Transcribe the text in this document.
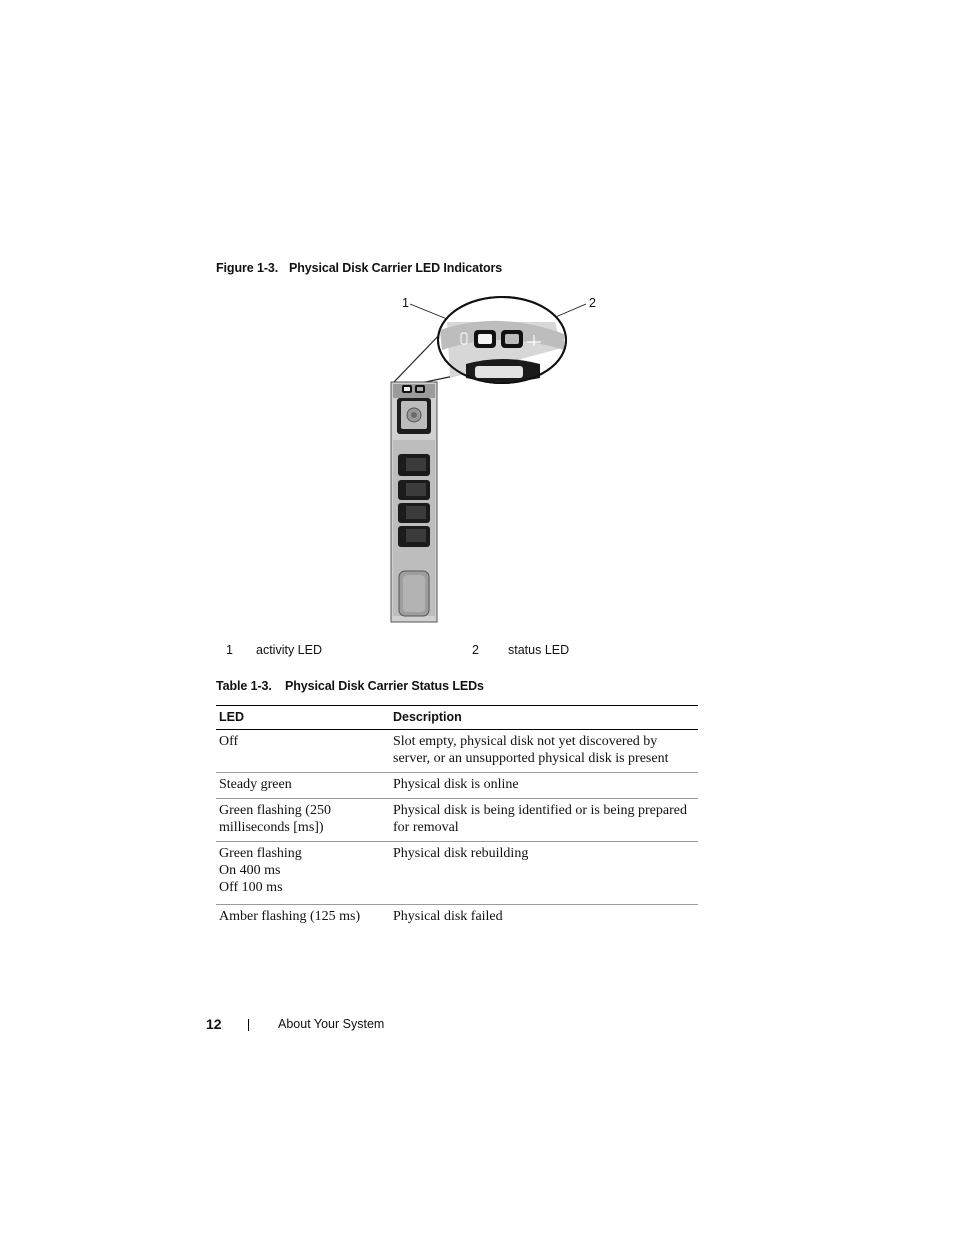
Figure 1-3. Physical Disk Carrier LED Indicators
1	2
1 activity LED	2 status LED
Table 1-3. Physical Disk Carrier Status LEDs
LED	Description

Off	Slot empty, physical disk not yet discovered by
server, or an unsupported physical disk is present

Steady green	Physical disk is online

Green flashing (250
milliseconds [ms])	Physical disk is being identified or is being prepared
for removal

Green flashing
On 400 ms
Off 100 ms	Physical disk rebuilding

Amber flashing (125 ms)	Physical disk failed
12	About Your System
